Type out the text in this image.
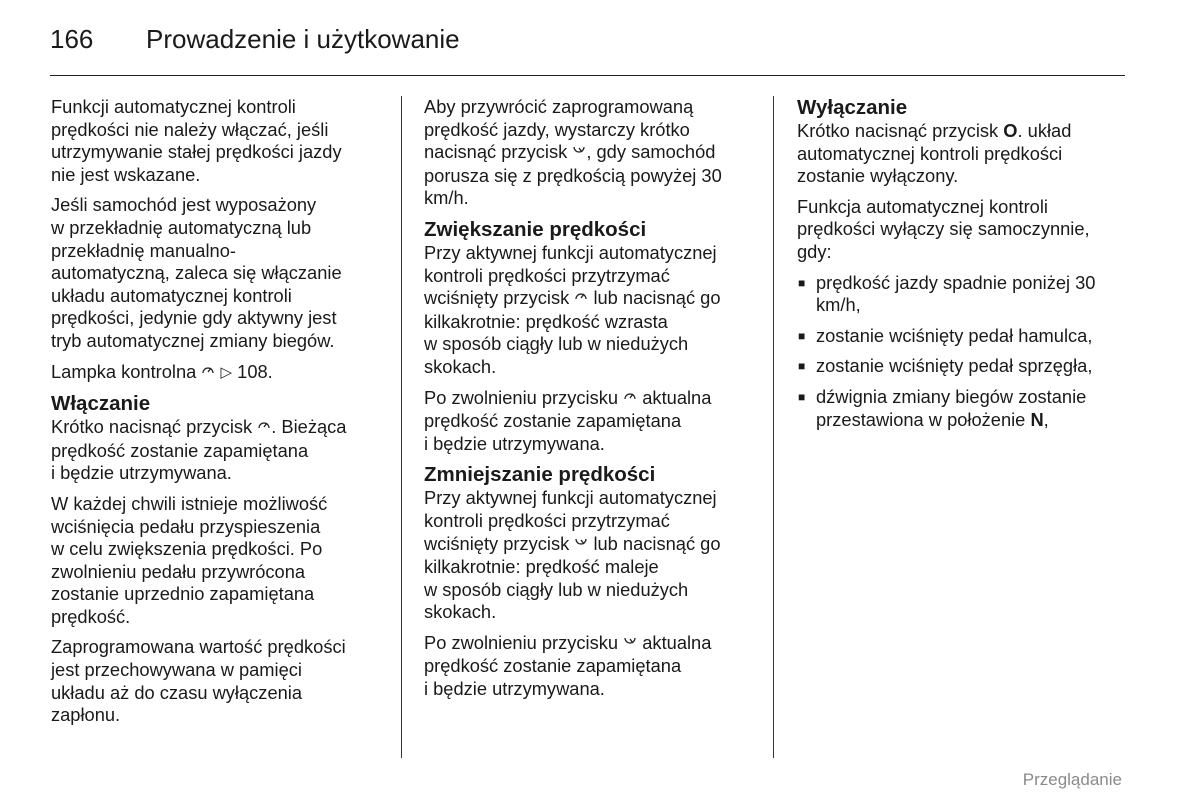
166	Prowadzenie i użytkowanie

Funkcji automatycznej kontroli
prędkości nie należy włączać, jeśli
utrzymywanie stałej prędkości jazdy
nie jest wskazane.

Jeśli samochód jest wyposażony
w przekładnię automatyczną lub
przekładnię manualno-
automatyczną, zaleca się włączanie
układu automatycznej kontroli
prędkości, jedynie gdy aktywny jest
tryb automatycznej zmiany biegów.

Lampka kontrolna ▷ 108.

Włączanie

Krótko nacisnąć przycisk . Bieżąca
prędkość zostanie zapamiętana
i będzie utrzymywana.

W każdej chwili istnieje możliwość
wciśnięcia pedału przyspieszenia
w celu zwiększenia prędkości. Po
zwolnieniu pedału przywrócona
zostanie uprzednio zapamiętana
prędkość.

Zaprogramowana wartość prędkości
jest przechowywana w pamięci
układu aż do czasu wyłączenia
zapłonu.

Aby przywrócić zaprogramowaną
prędkość jazdy, wystarczy krótko
nacisnąć przycisk , gdy samochód
porusza się z prędkością powyżej 30
km/h.

Zwiększanie prędkości

Przy aktywnej funkcji automatycznej
kontroli prędkości przytrzymać
wciśnięty przycisk lub nacisnąć go
kilkakrotnie: prędkość wzrasta
w sposób ciągły lub w niedużych
skokach.

Po zwolnieniu przycisku aktualna
prędkość zostanie zapamiętana
i będzie utrzymywana.

Zmniejszanie prędkości

Przy aktywnej funkcji automatycznej
kontroli prędkości przytrzymać
wciśnięty przycisk lub nacisnąć go
kilkakrotnie: prędkość maleje
w sposób ciągły lub w niedużych
skokach.

Po zwolnieniu przycisku aktualna
prędkość zostanie zapamiętana
i będzie utrzymywana.

Wyłączanie

Krótko nacisnąć przycisk O. układ
automatycznej kontroli prędkości
zostanie wyłączony.

Funkcja automatycznej kontroli
prędkości wyłączy się samoczynnie,
gdy:

■ prędkość jazdy spadnie poniżej 30 km/h,
■ zostanie wciśnięty pedał hamulca,
■ zostanie wciśnięty pedał sprzęgła,
■ dźwignia zmiany biegów zostanie przestawiona w położenie N,
Przeglądanie
